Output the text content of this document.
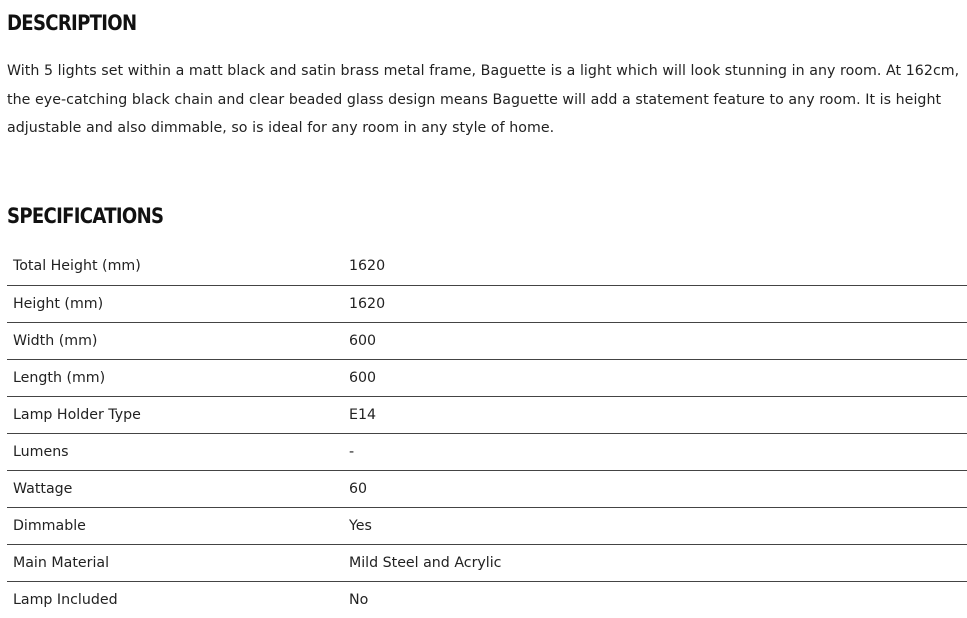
DESCRIPTION

With 5 lights set within a matt black and satin brass metal frame, Baguette is a light which will look stunning in any room. At 162cm, the eye-catching black chain and clear beaded glass design means Baguette will add a statement feature to any room. It is height adjustable and also dimmable, so is ideal for any room in any style of home.

SPECIFICATIONS
Total Height (mm)	1620
Height (mm)	1620
Width (mm)	600
Length (mm)	600
Lamp Holder Type	E14
Lumens	-
Wattage	60
Dimmable	Yes
Main Material	Mild Steel and Acrylic
Lamp Included	No
